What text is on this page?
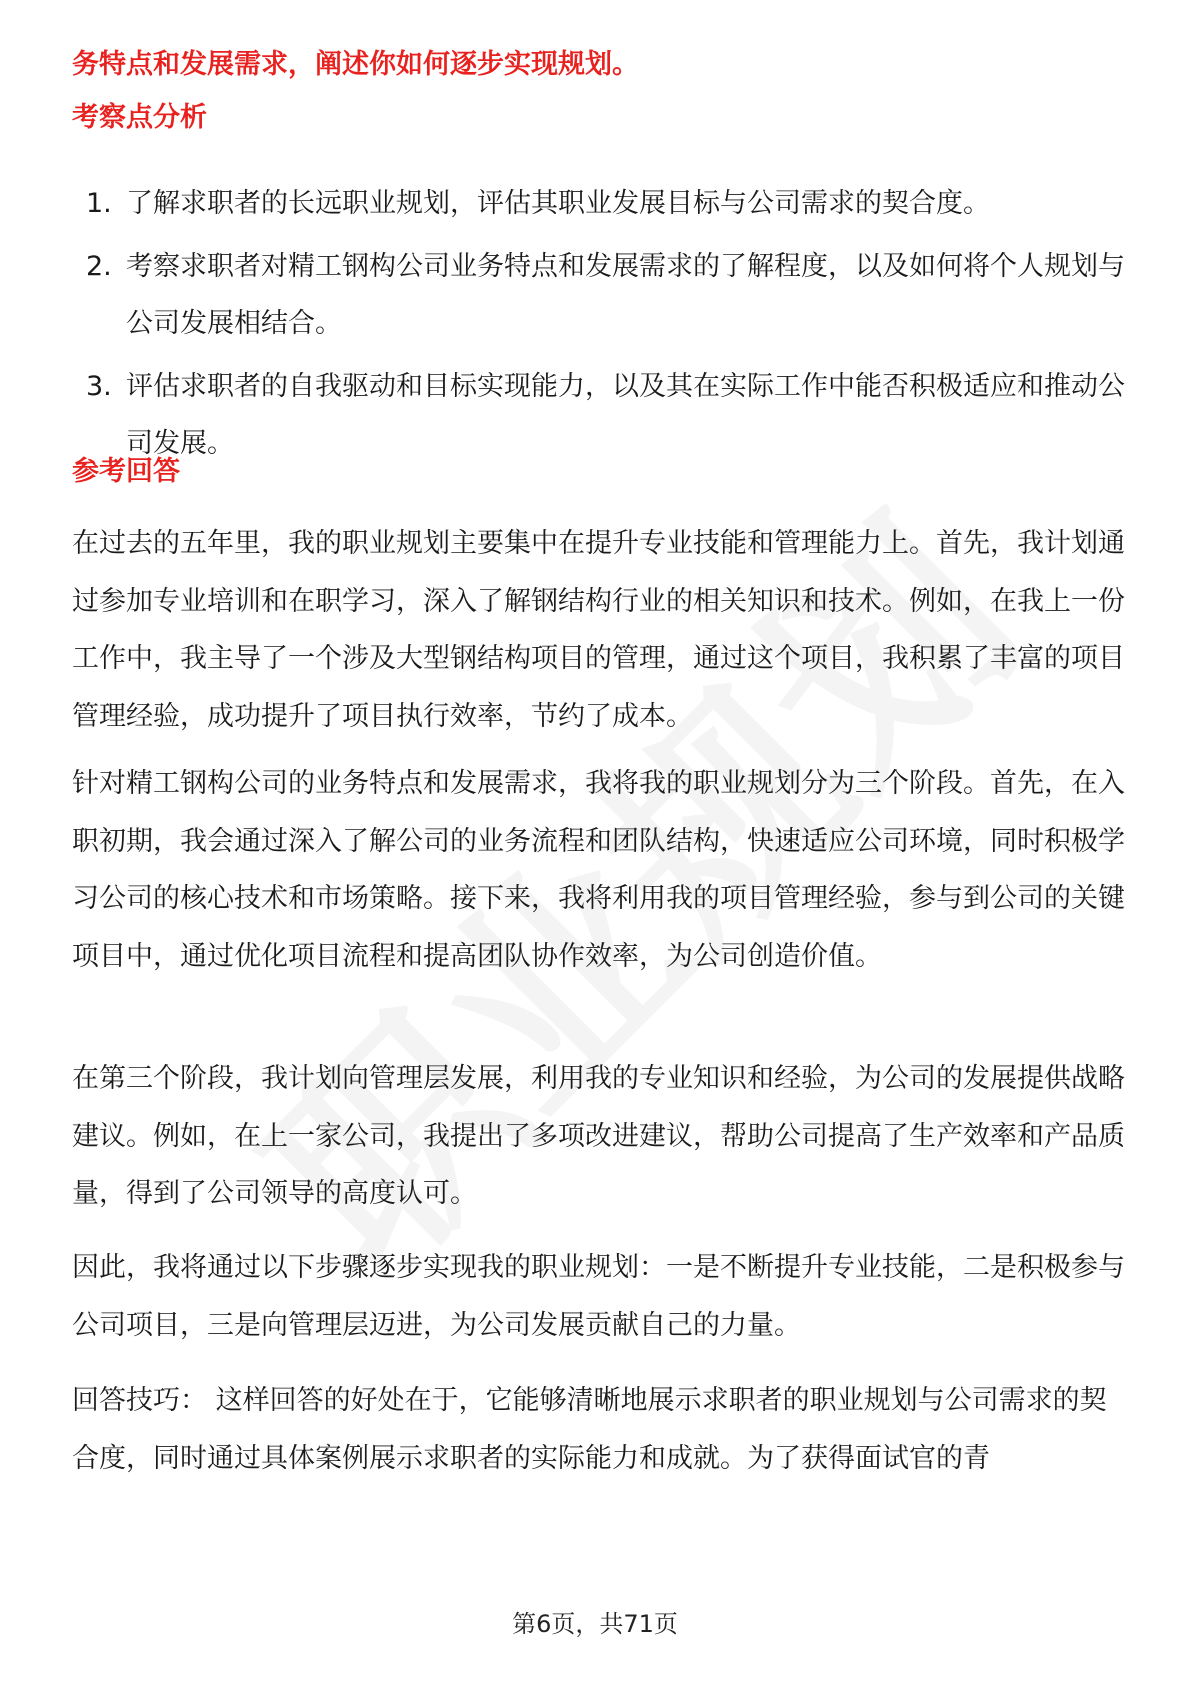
务特点和发展需求，阐述你如何逐步实现规划。
考察点分析
1. 了解求职者的长远职业规划，评估其职业发展目标与公司需求的契合度。
2. 考察求职者对精工钢构公司业务特点和发展需求的了解程度，以及如何将个人规划与公司发展相结合。
3. 评估求职者的自我驱动和目标实现能力，以及其在实际工作中能否积极适应和推动公司发展。
参考回答

在过去的五年里，我的职业规划主要集中在提升专业技能和管理能力上。首先，我计划通过参加专业培训和在职学习，深入了解钢结构行业的相关知识和技术。例如，在我上一份工作中，我主导了一个涉及大型钢结构项目的管理，通过这个项目，我积累了丰富的项目管理经验，成功提升了项目执行效率，节约了成本。

针对精工钢构公司的业务特点和发展需求，我将我的职业规划分为三个阶段。首先，在入职初期，我会通过深入了解公司的业务流程和团队结构，快速适应公司环境，同时积极学习公司的核心技术和市场策略。接下来，我将利用我的项目管理经验，参与到公司的关键项目中，通过优化项目流程和提高团队协作效率，为公司创造价值。

在第三个阶段，我计划向管理层发展，利用我的专业知识和经验，为公司的发展提供战略建议。例如，在上一家公司，我提出了多项改进建议，帮助公司提高了生产效率和产品质量，得到了公司领导的高度认可。

因此，我将通过以下步骤逐步实现我的职业规划：一是不断提升专业技能，二是积极参与公司项目，三是向管理层迈进，为公司发展贡献自己的力量。

回答技巧： 这样回答的好处在于，它能够清晰地展示求职者的职业规划与公司需求的契合度，同时通过具体案例展示求职者的实际能力和成就。为了获得面试官的青

第6页，共71页
